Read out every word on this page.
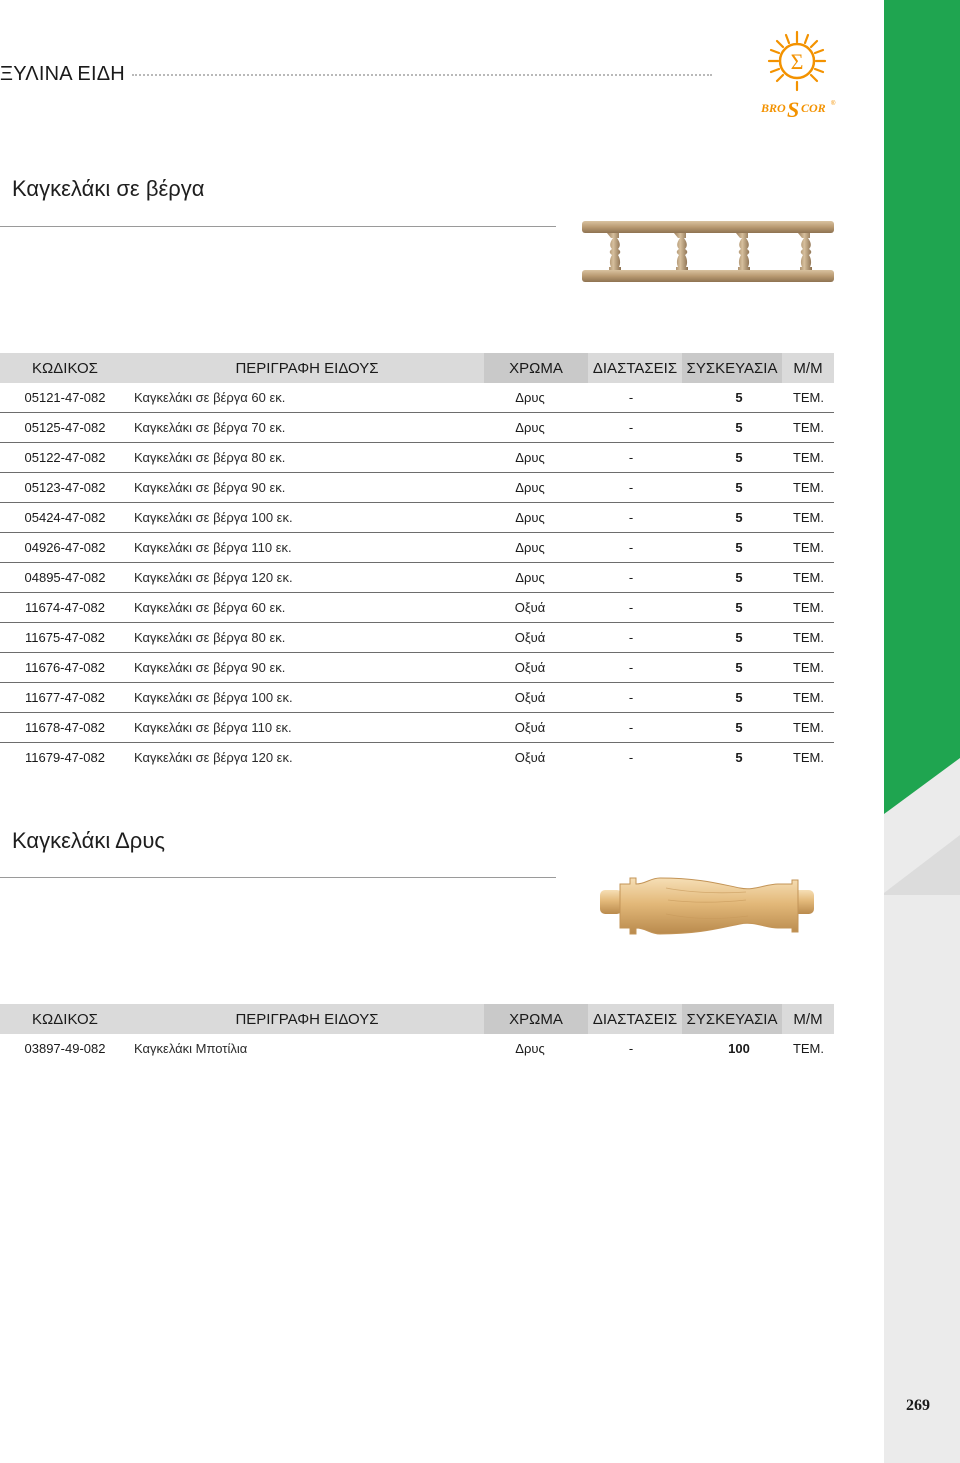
ΞΥΛΙΝΑ ΕΙΔΗ	Σ
BRO S COR ®
Καγκελάκι σε βέργα
ΚΩΔΙΚΟΣ	ΠΕΡΙΓΡΑΦΗ ΕΙΔΟΥΣ	ΧΡΩΜΑ	ΔΙΑΣΤΑΣΕΙΣ	ΣΥΣΚΕΥΑΣΙΑ	Μ/Μ
05121-47-082	Καγκελάκι σε βέργα 60 εκ.	Δρυς	-	5	ΤΕΜ.
05125-47-082	Καγκελάκι σε βέργα 70 εκ.	Δρυς	-	5	ΤΕΜ.
05122-47-082	Καγκελάκι σε βέργα 80 εκ.	Δρυς	-	5	ΤΕΜ.
05123-47-082	Καγκελάκι σε βέργα 90 εκ.	Δρυς	-	5	ΤΕΜ.
05424-47-082	Καγκελάκι σε βέργα 100 εκ.	Δρυς	-	5	ΤΕΜ.
04926-47-082	Καγκελάκι σε βέργα 110 εκ.	Δρυς	-	5	ΤΕΜ.
04895-47-082	Καγκελάκι σε βέργα 120 εκ.	Δρυς	-	5	ΤΕΜ.
11674-47-082	Καγκελάκι σε βέργα 60 εκ.	Οξυά	-	5	ΤΕΜ.
11675-47-082	Καγκελάκι σε βέργα 80 εκ.	Οξυά	-	5	ΤΕΜ.
11676-47-082	Καγκελάκι σε βέργα 90 εκ.	Οξυά	-	5	ΤΕΜ.
11677-47-082	Καγκελάκι σε βέργα 100 εκ.	Οξυά	-	5	ΤΕΜ.
11678-47-082	Καγκελάκι σε βέργα 110 εκ.	Οξυά	-	5	ΤΕΜ.
11679-47-082	Καγκελάκι σε βέργα 120 εκ.	Οξυά	-	5	ΤΕΜ.
Καγκελάκι Δρυς
ΚΩΔΙΚΟΣ	ΠΕΡΙΓΡΑΦΗ ΕΙΔΟΥΣ	ΧΡΩΜΑ	ΔΙΑΣΤΑΣΕΙΣ	ΣΥΣΚΕΥΑΣΙΑ	Μ/Μ
03897-49-082	Καγκελάκι Μποτίλια	Δρυς	-	100	ΤΕΜ.
269
